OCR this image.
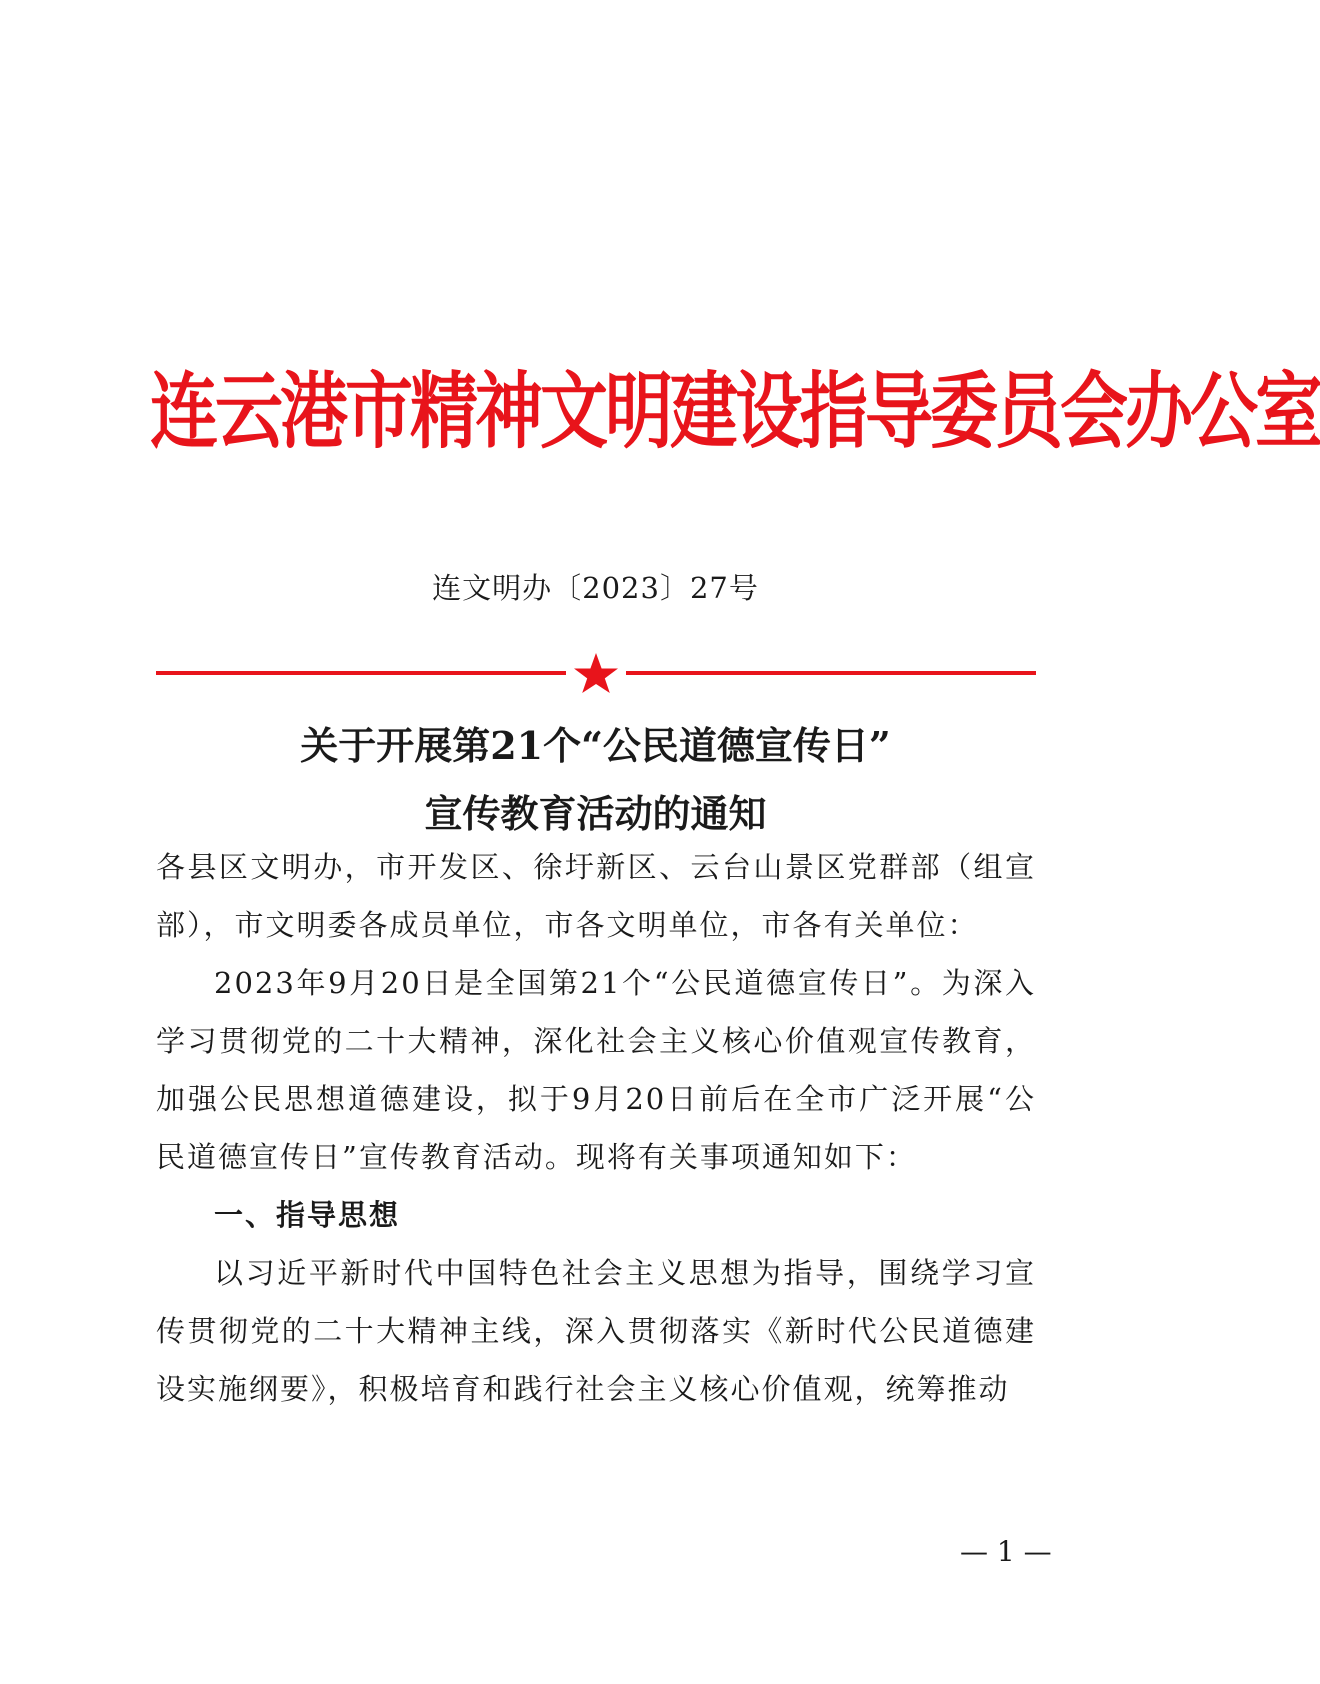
连云港市精神文明建设指导委员会办公室
连文明办〔2023〕27号
关于开展第21个“公民道德宣传日”
宣传教育活动的通知

各县区文明办，市开发区、徐圩新区、云台山景区党群部（组宣部），市文明委各成员单位，市各文明单位，市各有关单位：

2023年9月20日是全国第21个“公民道德宣传日”。为深入学习贯彻党的二十大精神，深化社会主义核心价值观宣传教育，加强公民思想道德建设，拟于9月20日前后在全市广泛开展“公民道德宣传日”宣传教育活动。现将有关事项通知如下：

一、指导思想

以习近平新时代中国特色社会主义思想为指导，围绕学习宣传贯彻党的二十大精神主线，深入贯彻落实《新时代公民道德建设实施纲要》，积极培育和践行社会主义核心价值观，统筹推动

— 1 —
